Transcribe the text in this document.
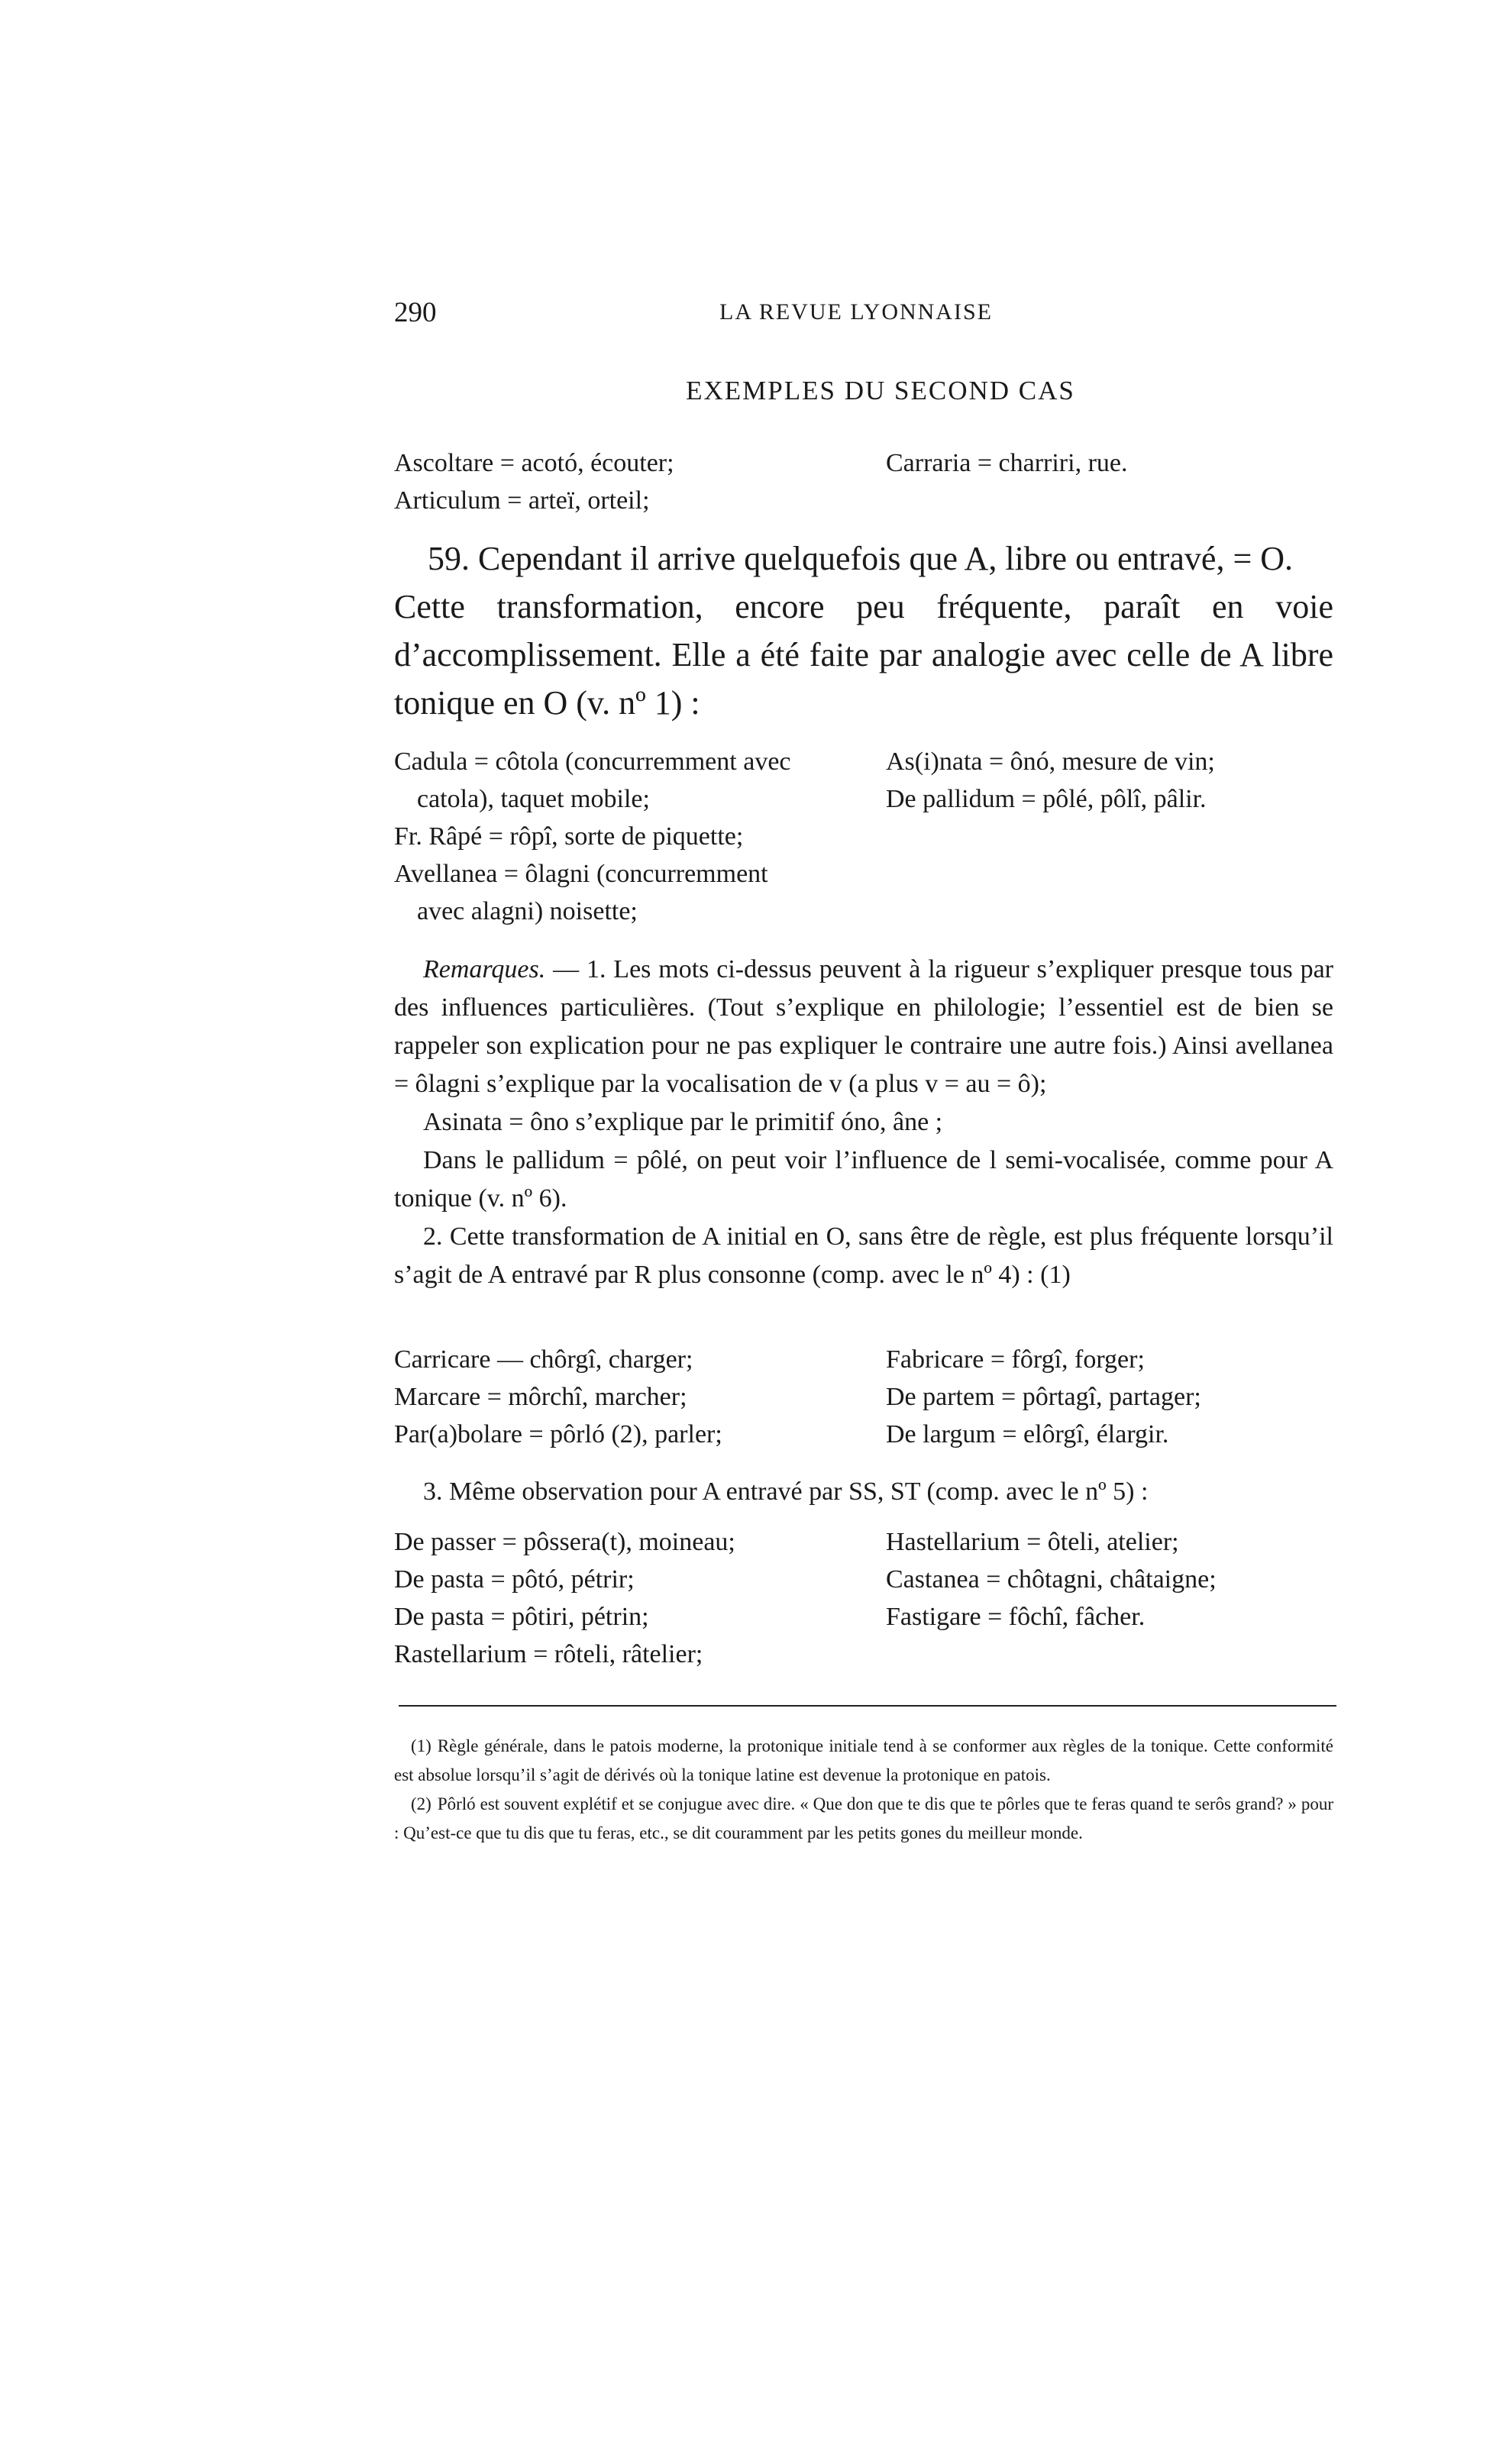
290	LA REVUE LYONNAISE
EXEMPLES DU SECOND CAS
Ascoltare = acotó, écouter;
Articulum = arteï, orteil;
Carraria = charriri, rue.
59. Cependant il arrive quelquefois que A, libre ou entravé, = O.
Cette transformation, encore peu fréquente, paraît en voie d’accomplissement. Elle a été faite par analogie avec celle de A libre tonique en O (v. nº 1) :
Cadula = côtola (concurremment avec
catola), taquet mobile;
Fr. Râpé = rôpî, sorte de piquette;
Avellanea = ôlagni (concurremment
avec alagni) noisette;
As(i)nata = ônó, mesure de vin;
De pallidum = pôlé, pôlî, pâlir.

Remarques. — 1. Les mots ci-dessus peuvent à la rigueur s’expliquer presque tous par des influences particulières. (Tout s’explique en philologie; l’essentiel est de bien se rappeler son explication pour ne pas expliquer le contraire une autre fois.) Ainsi avellanea = ôlagni s’explique par la vocalisation de v (a plus v = au = ô);

Asinata = ôno s’explique par le primitif óno, âne ;

Dans le pallidum = pôlé, on peut voir l’influence de l semi-vocalisée, comme pour A tonique (v. nº 6).

2. Cette transformation de A initial en O, sans être de règle, est plus fréquente lorsqu’il s’agit de A entravé par R plus consonne (comp. avec le nº 4) : (1)

Carricare — chôrgî, charger;
Marcare = môrchî, marcher;
Par(a)bolare = pôrló (2), parler;
Fabricare = fôrgî, forger;
De partem = pôrtagî, partager;
De largum = elôrgî, élargir.
3. Même observation pour A entravé par SS, ST (comp. avec le nº 5) :
De passer = pôssera(t), moineau;
De pasta = pôtó, pétrir;
De pasta = pôtiri, pétrin;
Rastellarium = rôteli, râtelier;
Hastellarium = ôteli, atelier;
Castanea = chôtagni, châtaigne;
Fastigare = fôchî, fâcher.

(1) Règle générale, dans le patois moderne, la protonique initiale tend à se conformer aux règles de la tonique. Cette conformité est absolue lorsqu’il s’agit de dérivés où la tonique latine est devenue la protonique en patois.

(2) Pôrló est souvent explétif et se conjugue avec dire. « Que don que te dis que te pôrles que te feras quand te serôs grand? » pour : Qu’est-ce que tu dis que tu feras, etc., se dit couramment par les petits gones du meilleur monde.
